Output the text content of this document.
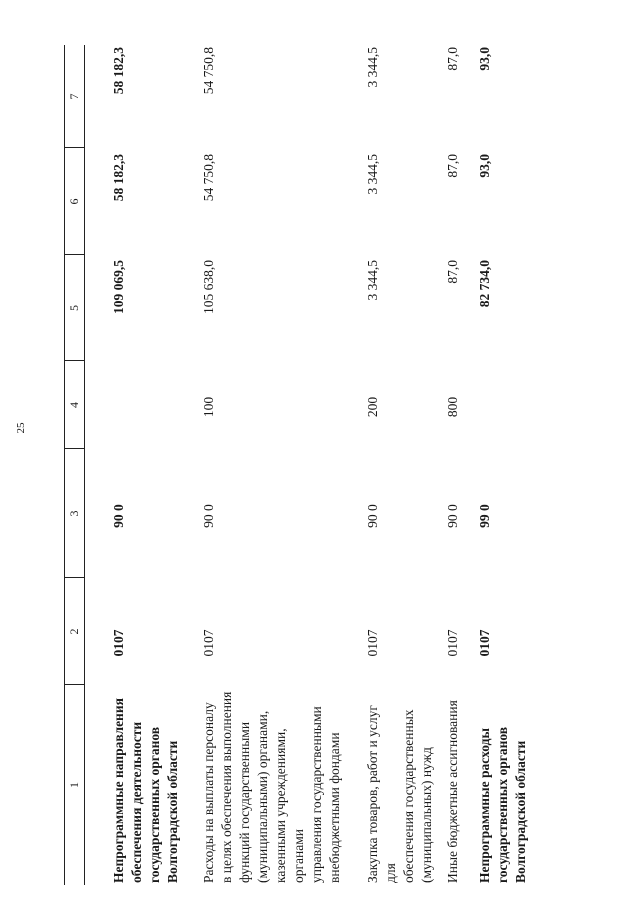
25
1
2
3
4
5
6
7
Непрограммные направления
обеспечения деятельности
государственных органов
Волгоградской области
0107
90 0
109 069,5
58 182,3
58 182,3
Расходы на выплаты персоналу
в целях обеспечения выполнения
функций государственными
(муниципальными) органами,
казенными учреждениями, органами
управления государственными
внебюджетными фондами
0107
90 0
100
105 638,0
54 750,8
54 750,8
Закупка товаров, работ и услуг для
обеспечения государственных
(муниципальных) нужд
0107
90 0
200
3 344,5
3 344,5
3 344,5
Иные бюджетные ассигнования
0107
90 0
800
87,0
87,0
87,0
Непрограммные расходы
государственных органов
Волгоградской области
0107
99 0
82 734,0
93,0
93,0
